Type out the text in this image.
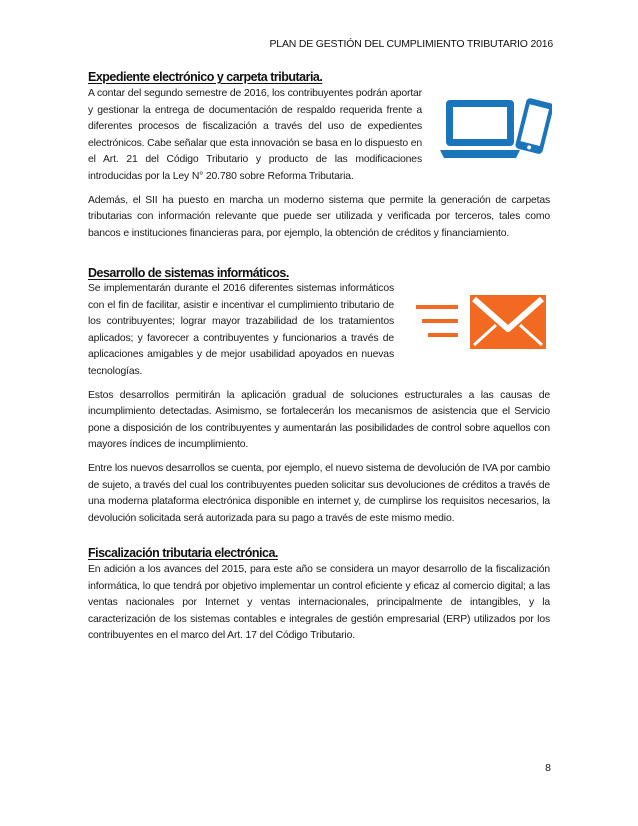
PLAN DE GESTIÓN DEL CUMPLIMIENTO TRIBUTARIO 2016
Expediente electrónico y carpeta tributaria.

A contar del segundo semestre de 2016, los contribuyentes podrán aportar y gestionar la entrega de documentación de respaldo requerida frente a diferentes procesos de fiscalización a través del uso de expedientes electrónicos. Cabe señalar que esta innovación se basa en lo dispuesto en el Art. 21 del Código Tributario y producto de las modificaciones introducidas por la Ley N° 20.780 sobre Reforma Tributaria.

Además, el SII ha puesto en marcha un moderno sistema que permite la generación de carpetas tributarias con información relevante que puede ser utilizada y verificada por terceros, tales como bancos e instituciones financieras para, por ejemplo, la obtención de créditos y financiamiento.

Desarrollo de sistemas informáticos.

Se implementarán durante el 2016 diferentes sistemas informáticos con el fin de facilitar, asistir e incentivar el cumplimiento tributario de los contribuyentes; lograr mayor trazabilidad de los tratamientos aplicados; y favorecer a contribuyentes y funcionarios a través de aplicaciones amigables y de mejor usabilidad apoyados en nuevas tecnologías.

Estos desarrollos permitirán la aplicación gradual de soluciones estructurales a las causas de incumplimiento detectadas. Asimismo, se fortalecerán los mecanismos de asistencia que el Servicio pone a disposición de los contribuyentes y aumentarán las posibilidades de control sobre aquellos con mayores índices de incumplimiento.

Entre los nuevos desarrollos se cuenta, por ejemplo, el nuevo sistema de devolución de IVA por cambio de sujeto, a través del cual los contribuyentes pueden solicitar sus devoluciones de créditos a través de una moderna plataforma electrónica disponible en internet y, de cumplirse los requisitos necesarios, la devolución solicitada será autorizada para su pago a través de este mismo medio.

Fiscalización tributaria electrónica.

En adición a los avances del 2015, para este año se considera un mayor desarrollo de la fiscalización informática, lo que tendrá por objetivo implementar un control eficiente y eficaz al comercio digital; a las ventas nacionales por Internet y ventas internacionales, principalmente de intangibles, y la caracterización de los sistemas contables e integrales de gestión empresarial (ERP) utilizados por los contribuyentes en el marco del Art. 17 del Código Tributario.

8
